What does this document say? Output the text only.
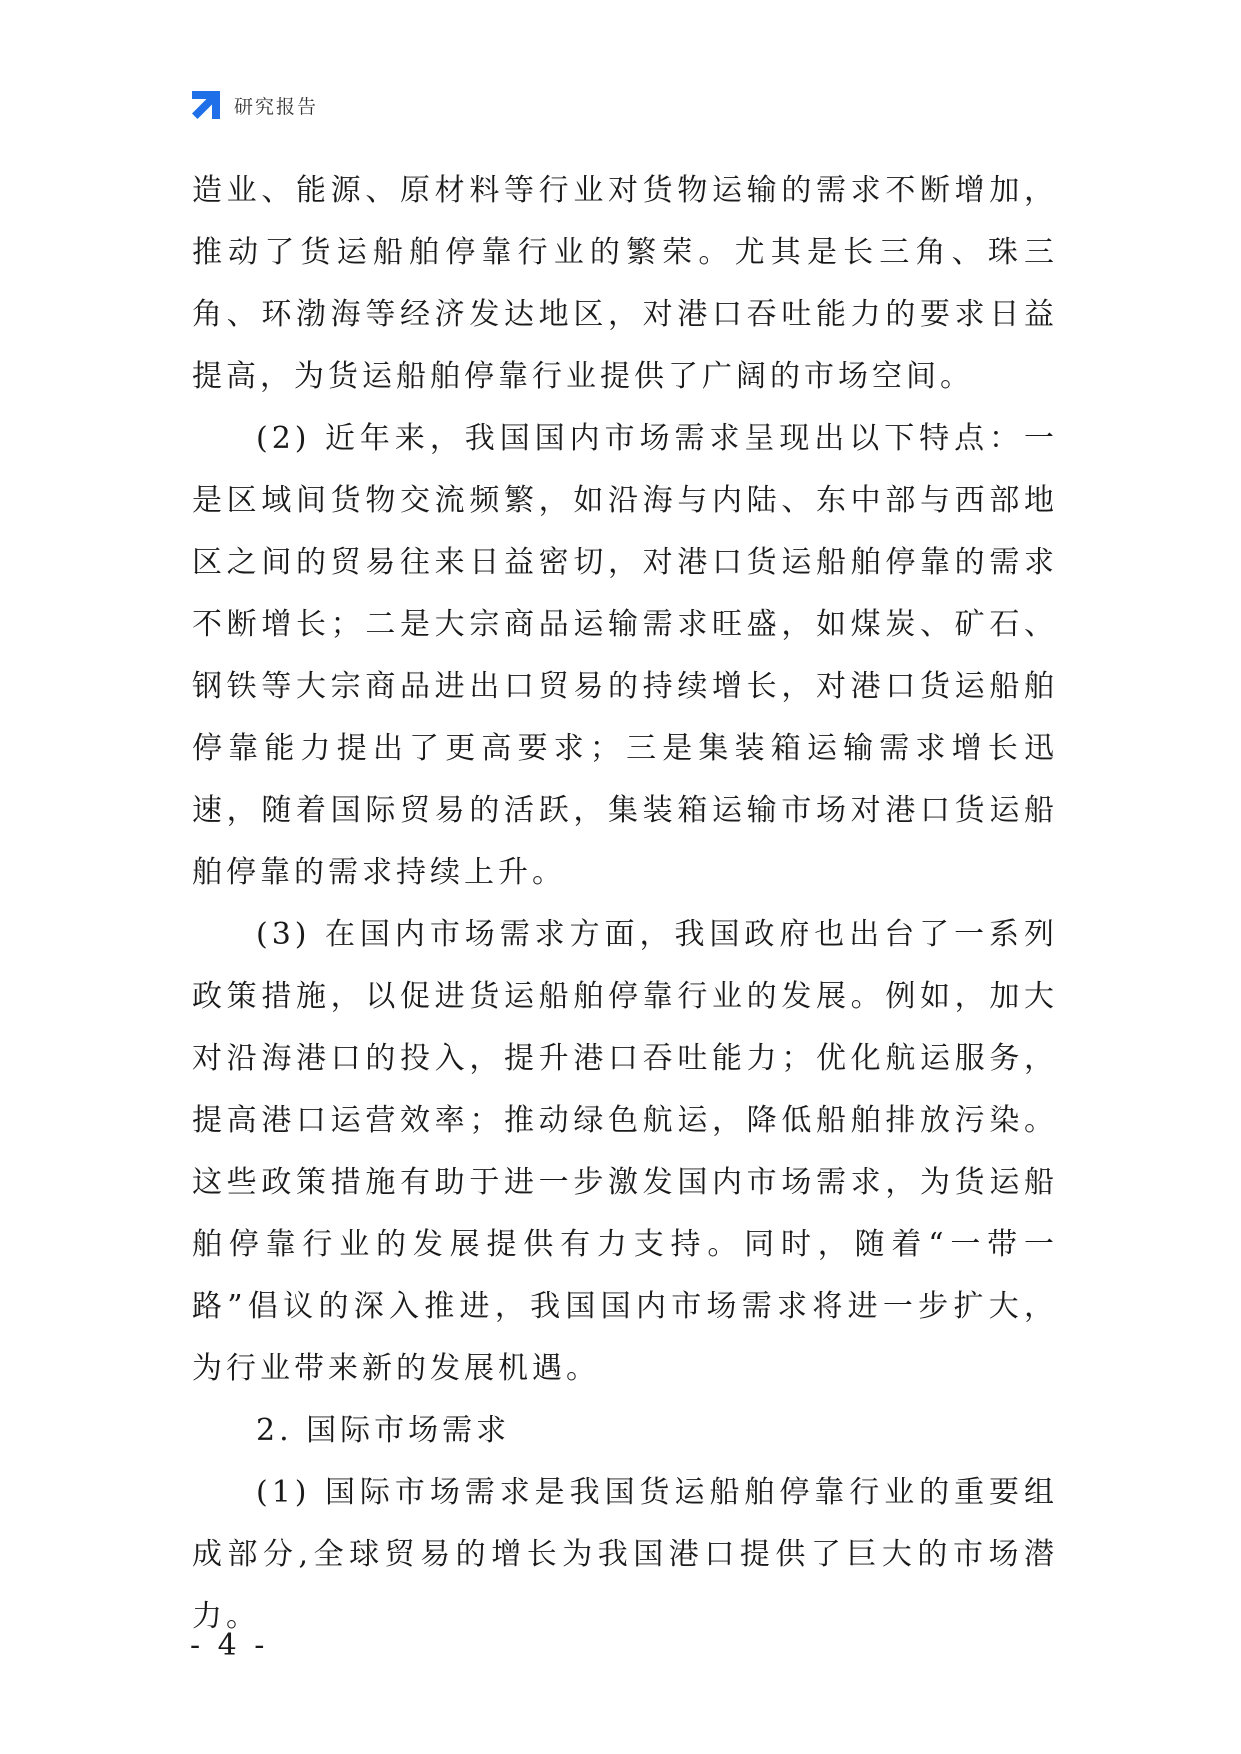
研究报告

造业、能源、原材料等行业对货物运输的需求不断增加，推动了货运船舶停靠行业的繁荣。尤其是长三角、珠三角、环渤海等经济发达地区，对港口吞吐能力的要求日益提高，为货运船舶停靠行业提供了广阔的市场空间。

(2) 近年来，我国国内市场需求呈现出以下特点：一是区域间货物交流频繁，如沿海与内陆、东中部与西部地区之间的贸易往来日益密切，对港口货运船舶停靠的需求不断增长；二是大宗商品运输需求旺盛，如煤炭、矿石、钢铁等大宗商品进出口贸易的持续增长，对港口货运船舶停靠能力提出了更高要求；三是集装箱运输需求增长迅速，随着国际贸易的活跃，集装箱运输市场对港口货运船舶停靠的需求持续上升。

(3) 在国内市场需求方面，我国政府也出台了一系列政策措施，以促进货运船舶停靠行业的发展。例如，加大对沿海港口的投入，提升港口吞吐能力；优化航运服务，提高港口运营效率；推动绿色航运，降低船舶排放污染。这些政策措施有助于进一步激发国内市场需求，为货运船舶停靠行业的发展提供有力支持。同时，随着“一带一路”倡议的深入推进，我国国内市场需求将进一步扩大，为行业带来新的发展机遇。

2. 国际市场需求

(1) 国际市场需求是我国货运船舶停靠行业的重要组成部分,全球贸易的增长为我国港口提供了巨大的市场潜力。

- 4 -
